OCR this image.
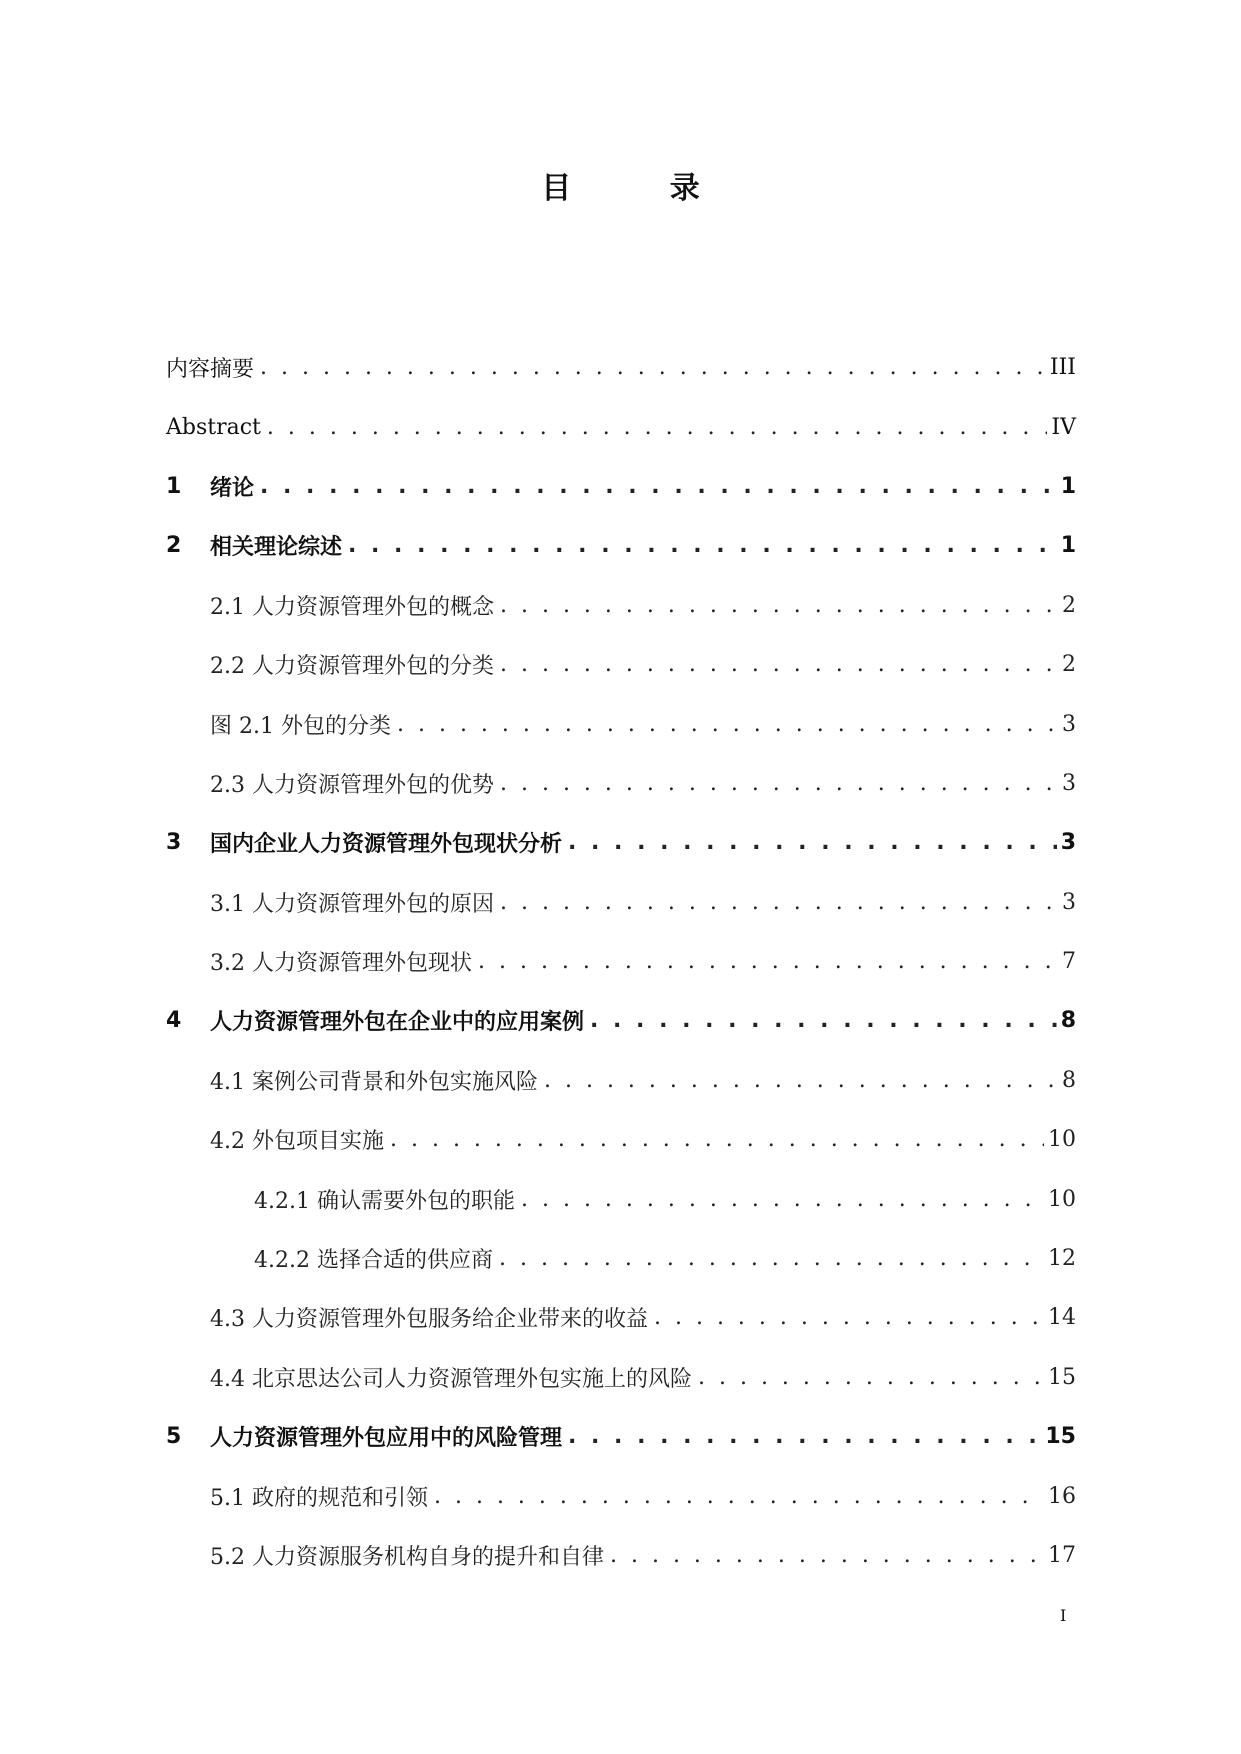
目 录
内容摘要 . . .	III
Abstract . . .	IV
1	绪论 . . .	1
2	相关理论综述 . . .	1
2.1 人力资源管理外包的概念 . . .	2
2.2 人力资源管理外包的分类 . . .	2
图 2.1 外包的分类 . . .	3
2.3 人力资源管理外包的优势 . . .	3
3	国内企业人力资源管理外包现状分析 . . .	3
3.1 人力资源管理外包的原因 . . .	3
3.2 人力资源管理外包现状 . . .	7
4	人力资源管理外包在企业中的应用案例 . . .	8
4.1 案例公司背景和外包实施风险 . . .	8
4.2 外包项目实施 . . .	10
4.2.1 确认需要外包的职能 . . .	10
4.2.2 选择合适的供应商 . . .	12
4.3 人力资源管理外包服务给企业带来的收益 . . .	14
4.4 北京思达公司人力资源管理外包实施上的风险 . . .	15
5	人力资源管理外包应用中的风险管理 . . .	15
5.1 政府的规范和引领 . . .	16
5.2 人力资源服务机构自身的提升和自律 . . .	17
I
